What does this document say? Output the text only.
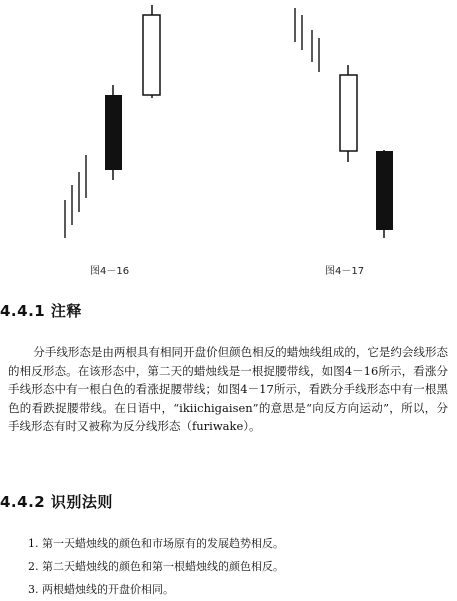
图4－16	图4－17
4.4.1 注释

分手线形态是由两根具有相同开盘价但颜色相反的蜡烛线组成的，它是约会线形态的相反形态。在该形态中，第二天的蜡烛线是一根捉腰带线，如图4－16所示，看涨分手线形态中有一根白色的看涨捉腰带线；如图4－17所示，看跌分手线形态中有一根黑色的看跌捉腰带线。在日语中，“ikiichigaisen”的意思是“向反方向运动”，所以，分手线形态有时又被称为反分线形态（furiwake）。

4.4.2 识别法则
1. 第一天蜡烛线的颜色和市场原有的发展趋势相反。
2. 第二天蜡烛线的颜色和第一根蜡烛线的颜色相反。
3. 两根蜡烛线的开盘价相同。
